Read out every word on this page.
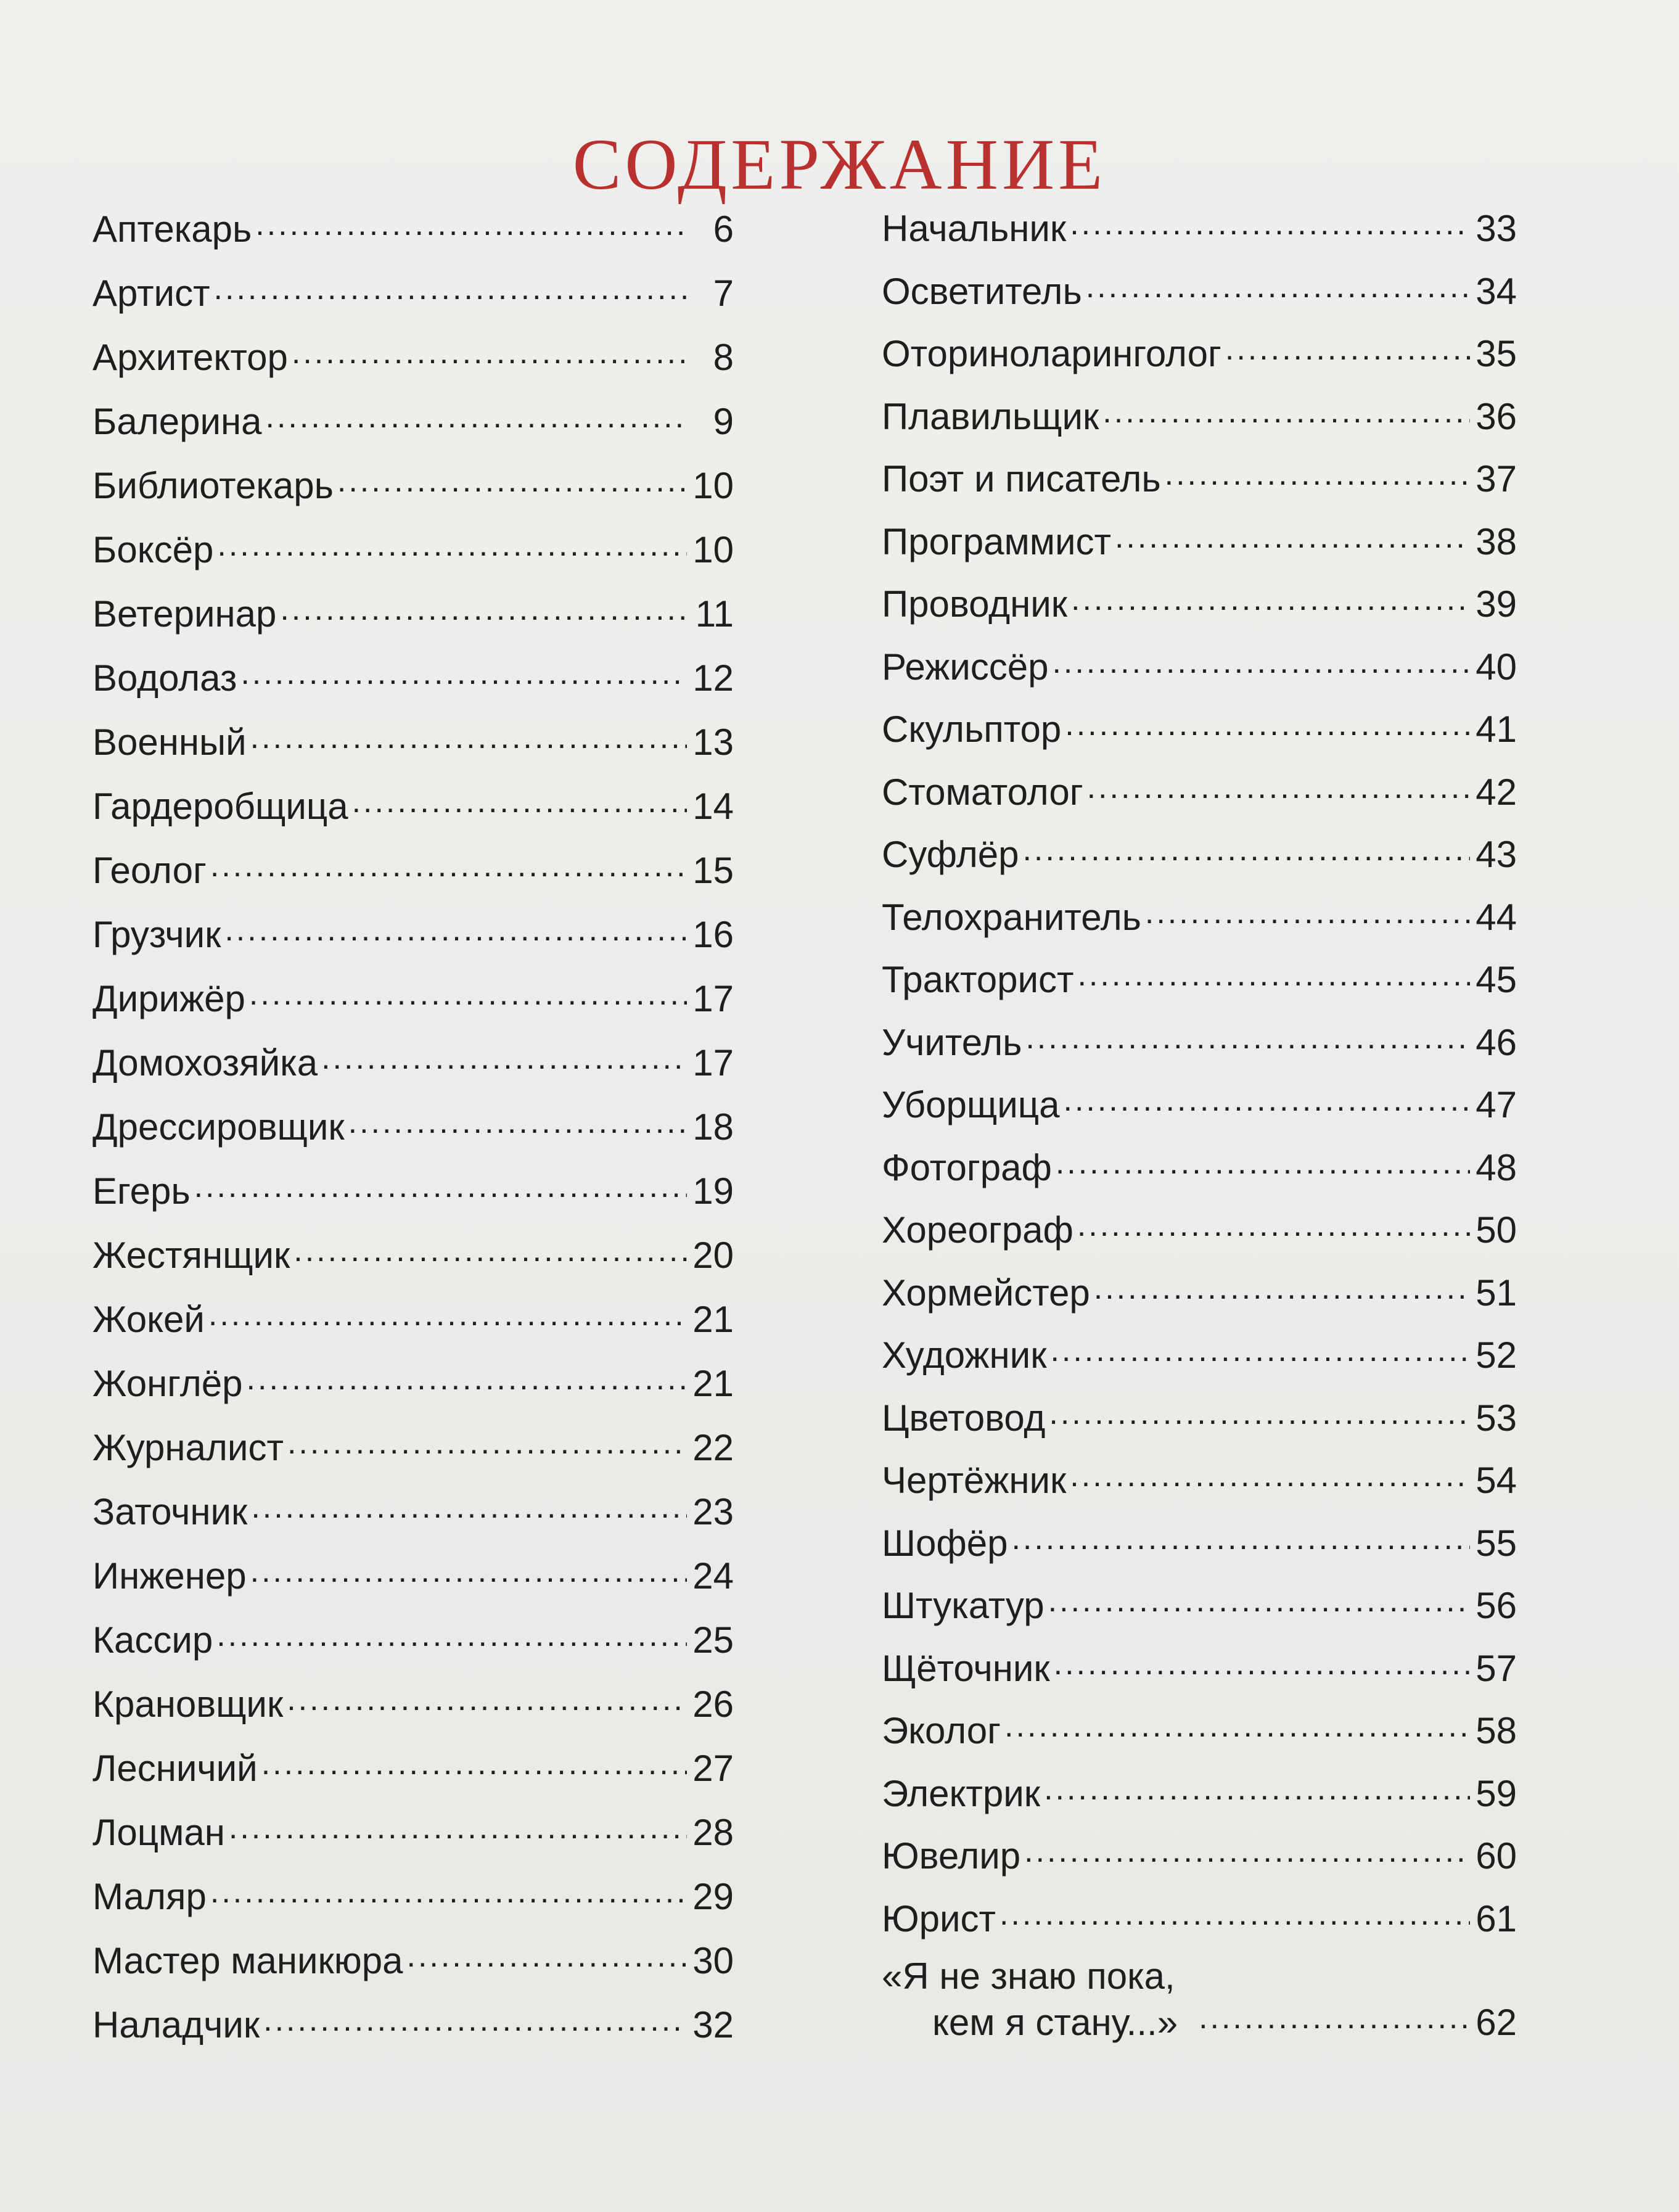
СОДЕРЖАНИЕ
Аптекарь .....	6
Артист .....	7
Архитектор .....	8
Балерина .....	9
Библиотекарь .....	10
Боксёр .....	10
Ветеринар .....	11
Водолаз .....	12
Военный .....	13
Гардеробщица .....	14
Геолог .....	15
Грузчик .....	16
Дирижёр .....	17
Домохозяйка .....	17
Дрессировщик .....	18
Егерь .....	19
Жестянщик .....	20
Жокей .....	21
Жонглёр .....	21
Журналист .....	22
Заточник .....	23
Инженер .....	24
Кассир .....	25
Крановщик .....	26
Лесничий .....	27
Лоцман .....	28
Маляр .....	29
Мастер маникюра .....	30
Наладчик .....	32
Начальник .....	33
Осветитель .....	34
Оториноларинголог .....	35
Плавильщик .....	36
Поэт и писатель .....	37
Программист .....	38
Проводник .....	39
Режиссёр .....	40
Скульптор .....	41
Стоматолог .....	42
Суфлёр .....	43
Телохранитель .....	44
Тракторист .....	45
Учитель .....	46
Уборщица .....	47
Фотограф .....	48
Хореограф .....	50
Хормейстер .....	51
Художник .....	52
Цветовод .....	53
Чертёжник .....	54
Шофёр .....	55
Штукатур .....	56
Щёточник .....	57
Эколог .....	58
Электрик .....	59
Ювелир .....	60
Юрист .....	61
«Я не знаю пока,
кем я стану...» .....	62
